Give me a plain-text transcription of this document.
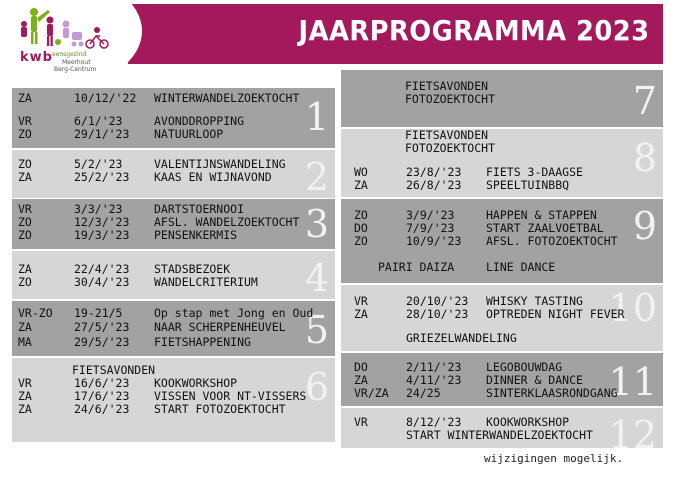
JAARPROGRAMMA 2023
kwb eensgezind
Meerhout
Berg-Centrum
1
ZA	10/12/'22 WINTERWANDELZOEKTOCHT
VR	6/1/'23	AVONDDROPPING
ZO	29/1/'23 NATUURLOOP
2
ZO	5/2/'23	VALENTIJNSWANDELING
ZA	25/2/'23 KAAS EN WIJNAVOND
3
VR	3/3/'23	DARTSTOERNOOI
ZO	12/3/'23 AFSL. WANDELZOEKTOCHT
ZO	19/3/'23 PENSENKERMIS
4
ZA	22/4/'23 STADSBEZOEK
ZO	30/4/'23 WANDELCRITERIUM
5
VR-ZO 19-21/5	Op stap met Jong en Oud
ZA	27/5/'23 NAAR SCHERPENHEUVEL
MA	29/5/'23 FIETSHAPPENING
6
FIETSAVONDEN
VR	16/6/'23 KOOKWORKSHOP
ZA	17/6/'23 VISSEN VOOR NT-VISSERS
ZA	24/6/'23 START FOTOZOEKTOCHT
7
FIETSAVONDEN
FOTOZOEKTOCHT
8
FIETSAVONDEN
FOTOZOEKTOCHT
WO	23/8/'23 FIETS 3-DAAGSE
ZA	26/8/'23 SPEELTUINBBQ
9
ZO	3/9/'23	HAPPEN & STAPPEN
DO	7/9/'23	START ZAALVOETBAL
ZO	10/9/'23 AFSL. FOTOZOEKTOCHT
PAIRI DAIZA	LINE DANCE
10
VR	20/10/'23 WHISKY TASTING
ZA	28/10/'23 OPTREDEN NIGHT FEVER
GRIEZELWANDELING
11
DO	2/11/'23 LEGOBOUWDAG
ZA	4/11/'23 DINNER & DANCE
VR/ZA 24/25	SINTERKLAASRONDGANG
12
VR	8/12/'23 KOOKWORKSHOP
START WINTERWANDELZOEKTOCHT
wijzigingen mogelijk.
